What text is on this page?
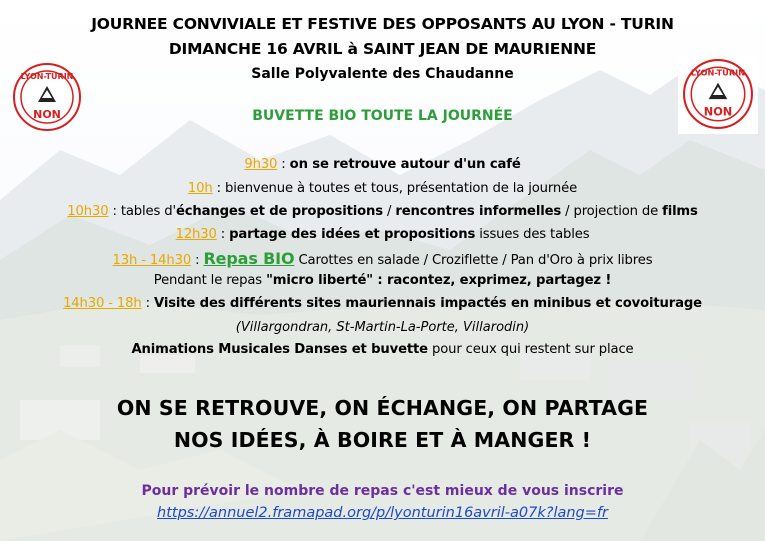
LYON-TURIN
NON
LYON-TURIN
NON
JOURNEE CONVIVIALE ET FESTIVE DES OPPOSANTS AU LYON - TURIN
DIMANCHE 16 AVRIL à SAINT JEAN DE MAURIENNE
Salle Polyvalente des Chaudanne
BUVETTE BIO TOUTE LA JOURNÉE
9h30 : on se retrouve autour d'un café
10h : bienvenue à toutes et tous, présentation de la journée
10h30 : tables d'échanges et de propositions / rencontres informelles / projection de films
12h30 : partage des idées et propositions issues des tables
13h - 14h30 : Repas BIO Carottes en salade / Croziflette / Pan d'Oro à prix libres
Pendant le repas "micro liberté" : racontez, exprimez, partagez !
14h30 - 18h : Visite des différents sites mauriennais impactés en minibus et covoiturage
(Villargondran, St-Martin-La-Porte, Villarodin)
Animations Musicales Danses et buvette pour ceux qui restent sur place
ON SE RETROUVE, ON ÉCHANGE, ON PARTAGE
NOS IDÉES, À BOIRE ET À MANGER !
Pour prévoir le nombre de repas c'est mieux de vous inscrire
https://annuel2.framapad.org/p/lyonturin16avril-a07k?lang=fr
